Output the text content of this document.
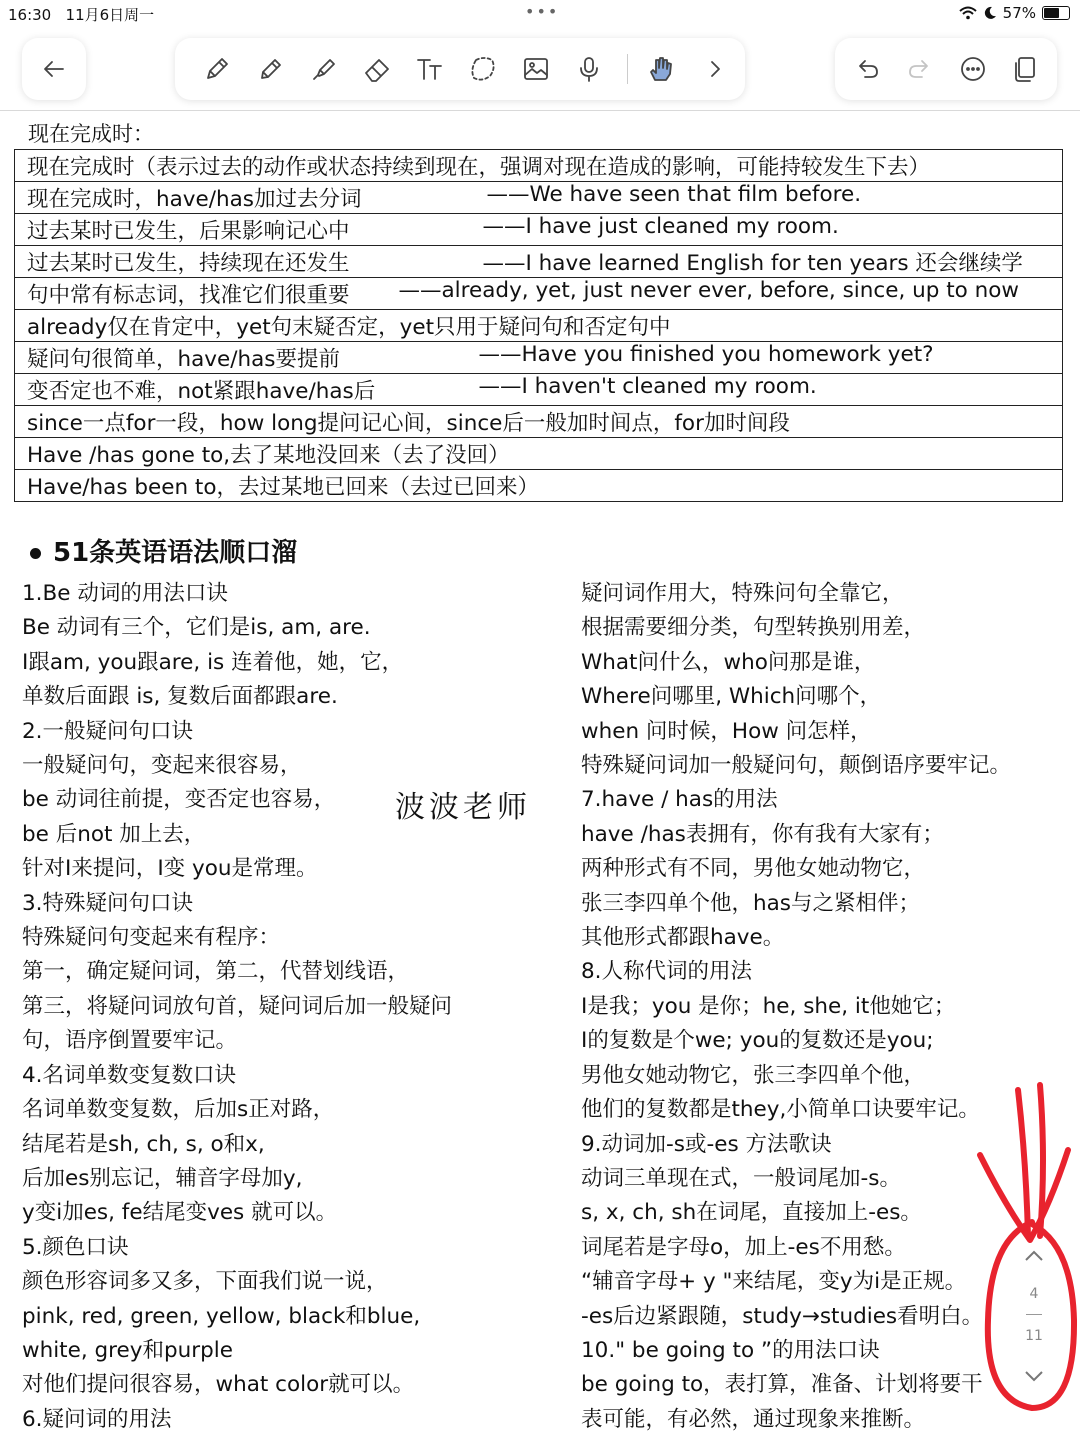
16:30 11月6日周一	•••	57%
现在完成时：
现在完成时（表示过去的动作或状态持续到现在，强调对现在造成的影响，可能持较发生下去）
现在完成时，have/has加过去分词	——We have seen that film before.

过去某时已发生，后果影响记心中	——I have just cleaned my room.

过去某时已发生，持续现在还发生	——I have learned English for ten years 还会继续学

句中常有标志词，找准它们很重要 ——already, yet, just never ever, before, since, up to now

already仅在肯定中，yet句末疑否定，yet只用于疑问句和否定句中
疑问句很简单，have/has要提前	——Have you finished you homework yet?

变否定也不难，not紧跟have/has后	——I haven't cleaned my room.

since一点for一段，how long提问记心间，since后一般加时间点，for加时间段
Have /has gone to,去了某地没回来（去了没回）
Have/has been to，去过某地已回来（去过已回来）
51条英语语法顺口溜
1.Be 动词的用法口诀
Be 动词有三个，它们是is, am, are.
I跟am, you跟are, is 连着他，她，它，
单数后面跟 is, 复数后面都跟are.
2.一般疑问句口诀
一般疑问句，变起来很容易，
be 动词往前提，变否定也容易，
be 后not 加上去，
针对I来提问，I变 you是常理。
3.特殊疑问句口诀
特殊疑问句变起来有程序：
第一，确定疑问词，第二，代替划线语，
第三，将疑问词放句首，疑问词后加一般疑问
句，语序倒置要牢记。
4.名词单数变复数口诀
名词单数变复数，后加s正对路，
结尾若是sh, ch, s, o和x,
后加es别忘记，辅音字母加y,
y变i加es, fe结尾变ves 就可以。
5.颜色口诀
颜色形容词多又多，下面我们说一说，
pink, red, green, yellow, black和blue,
white, grey和purple
对他们提问很容易，what color就可以。
6.疑问词的用法
疑问词作用大，特殊问句全靠它，
根据需要细分类，句型转换别用差，
What问什么，who问那是谁，
Where问哪里, Which问哪个，
when 问时候，How 问怎样，
特殊疑问词加一般疑问句，颠倒语序要牢记。
7.have / has的用法
have /has表拥有，你有我有大家有；
两种形式有不同，男他女她动物它，
张三李四单个他，has与之紧相伴；
其他形式都跟have。
8.人称代词的用法
I是我；you 是你；he, she, it他她它；
I的复数是个we; you的复数还是you;
男他女她动物它，张三李四单个他，
他们的复数都是they,小简单口诀要牢记。
9.动词加-s或-es 方法歌诀
动词三单现在式，一般词尾加-s。
s, x, ch, sh在词尾，直接加上-es。
词尾若是字母o，加上-es不用愁。
“辅音字母+ y "来结尾，变y为i是正规。
-es后边紧跟随，study→studies看明白。
10." be going to ”的用法口诀
be going to，表打算，准备、计划将要干
表可能，有必然，通过现象来推断。
波波老师
4
11
